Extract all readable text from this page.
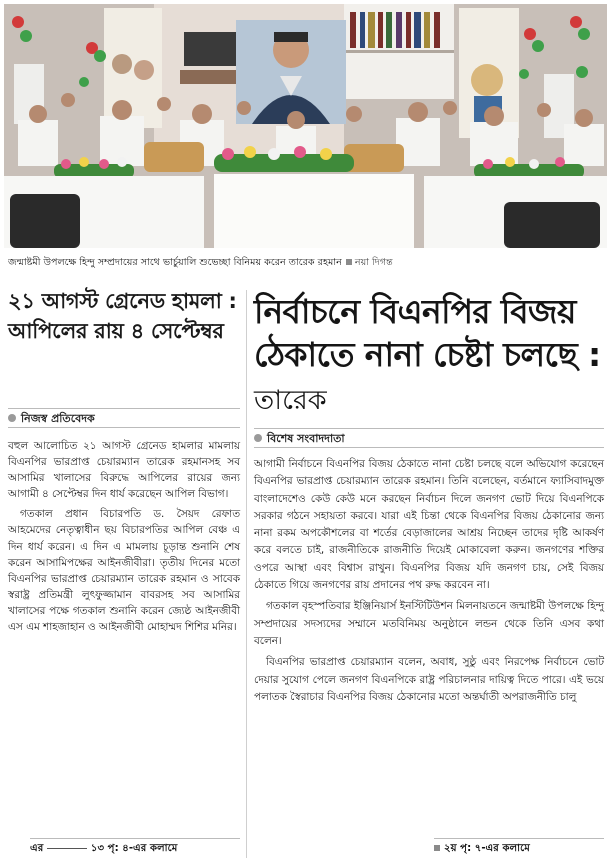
জন্মাষ্টমী উপলক্ষে হিন্দু সম্প্রদায়ের সাথে ভার্চুয়ালি শুভেচ্ছা বিনিময় করেন তারেক রহমান নয়া দিগন্ত
২১ আগস্ট গ্রেনেড হামলা : আপিলের রায় ৪ সেপ্টেম্বর
নিজস্ব প্রতিবেদক

বহুল আলোচিত ২১ আগস্ট গ্রেনেড হামলার মামলায় বিএনপির ভারপ্রাপ্ত চেয়ারম্যান তারেক রহমানসহ সব আসামির খালাসের বিরুদ্ধে আপিলের রায়ের জন্য আগামী ৪ সেপ্টেম্বর দিন ধার্য করেছেন আপিল বিভাগ।

গতকাল প্রধান বিচারপতি ড. সৈয়দ রেফাত আহমেদের নেতৃত্বাধীন ছয় বিচারপতির আপিল বেঞ্চ এ দিন ধার্য করেন। এ দিন এ মামলায় চূড়ান্ত শুনানি শেষ করেন আসামিপক্ষের আইনজীবীরা। তৃতীয় দিনের মতো বিএনপির ভারপ্রাপ্ত চেয়ারম্যান তারেক রহমান ও সাবেক স্বরাষ্ট্র প্রতিমন্ত্রী লুৎফুজ্জামান বাবরসহ সব আসামির খালাসের পক্ষে গতকাল শুনানি করেন জ্যেষ্ঠ আইনজীবী এস এম শাহজাহান ও আইনজীবী মোহাম্মদ শিশির মনির।

এর	১৩ পৃ: ৪-এর কলামে
নির্বাচনে বিএনপির বিজয় ঠেকাতে নানা চেষ্টা চলছে : তারেক
বিশেষ সংবাদদাতা

আগামী নির্বাচনে বিএনপির বিজয় ঠেকাতে নানা চেষ্টা চলছে বলে অভিযোগ করেছেন বিএনপির ভারপ্রাপ্ত চেয়ারম্যান তারেক রহমান। তিনি বলেছেন, বর্তমানে ফ্যাসিবাদমুক্ত বাংলাদেশেও কেউ কেউ মনে করছেন নির্বাচন দিলে জনগণ ভোট দিয়ে বিএনপিকে সরকার গঠনে সহায়তা করবে। যারা এই চিন্তা থেকে বিএনপির বিজয় ঠেকানোর জন্য নানা রকম অপকৌশলের বা শর্তের বেড়াজালের আশ্রয় নিচ্ছেন তাদের দৃষ্টি আকর্ষণ করে বলতে চাই, রাজনীতিকে রাজনীতি দিয়েই মোকাবেলা করুন। জনগণের শক্তির ওপরে আস্থা এবং বিশ্বাস রাখুন। বিএনপির বিজয় যদি জনগণ চায়, সেই বিজয় ঠেকাতে গিয়ে জনগণের রায় প্রদানের পথ রুদ্ধ করবেন না।

গতকাল বৃহস্পতিবার ইঞ্জিনিয়ার্স ইনস্টিটিউশন মিলনায়তনে জন্মাষ্টমী উপলক্ষে হিন্দু সম্প্রদায়ের সদস্যদের সম্মানে মতবিনিময় অনুষ্ঠানে লন্ডন থেকে তিনি এসব কথা বলেন।

বিএনপির ভারপ্রাপ্ত চেয়ারম্যান বলেন, অবাধ, সুষ্ঠু এবং নিরপেক্ষ নির্বাচনে ভোট দেয়ার সুযোগ পেলে জনগণ বিএনপিকে রাষ্ট্র পরিচালনার দায়িত্ব দিতে পারে। এই ভয়ে পলাতক স্বৈরাচার বিএনপির বিজয় ঠেকানোর মতো অন্তর্ঘাতী অপরাজনীতি চালু

২য় পৃ: ৭-এর কলামে
